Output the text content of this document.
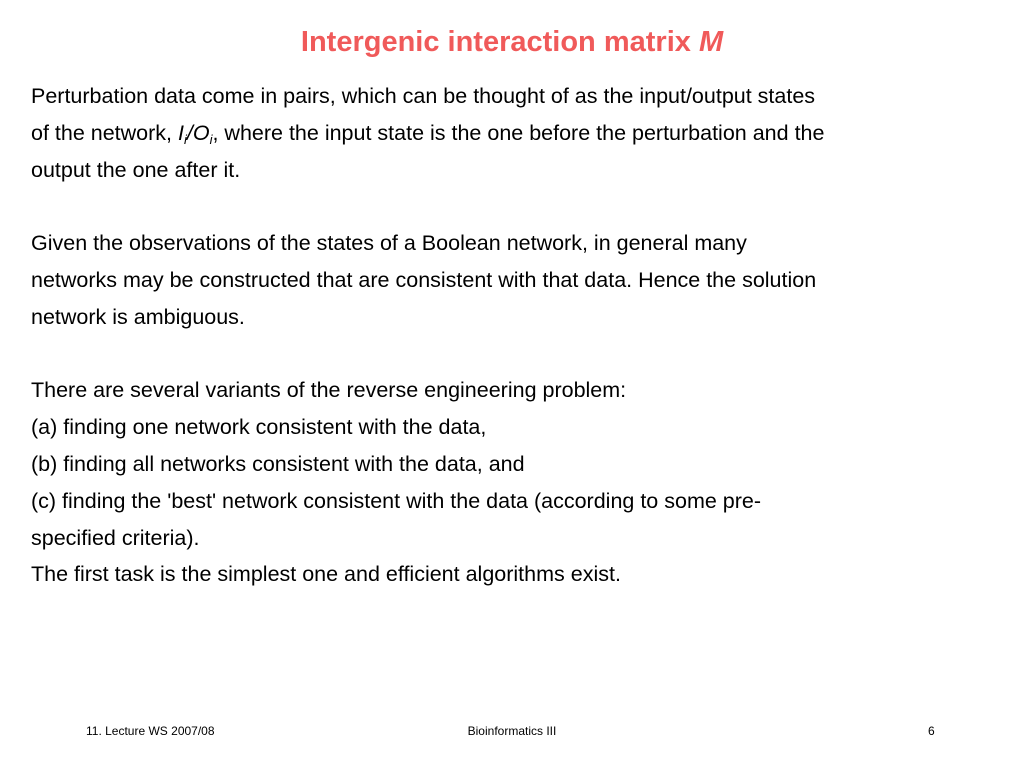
Intergenic interaction matrix M
Perturbation data come in pairs, which can be thought of as the input/output states
of the network, $I_i/O_i$, where the input state is the one before the perturbation and the
output the one after it.
Given the observations of the states of a Boolean network, in general many
networks may be constructed that are consistent with that data. Hence the solution
network is ambiguous.
There are several variants of the reverse engineering problem:
(a) finding one network consistent with the data,
(b) finding all networks consistent with the data, and
(c) finding the 'best' network consistent with the data (according to some pre-
specified criteria).
The first task is the simplest one and efficient algorithms exist.
11. Lecture WS 2007/08	Bioinformatics III	6
